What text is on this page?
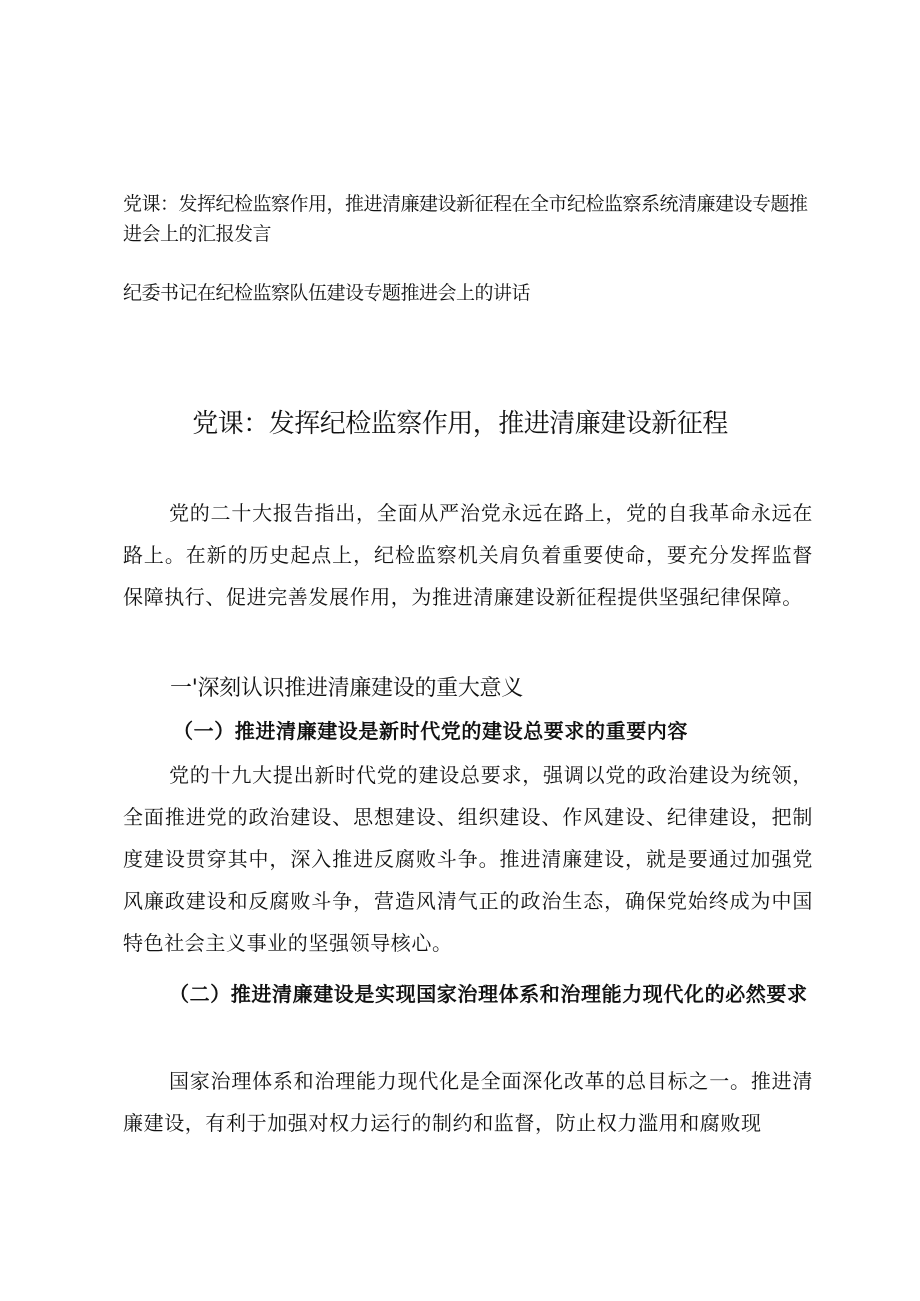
党课：发挥纪检监察作用，推进清廉建设新征程在全市纪检监察系统清廉建设专题推进会上的汇报发言
纪委书记在纪检监察队伍建设专题推进会上的讲话
党课：发挥纪检监察作用，推进清廉建设新征程

党的二十大报告指出，全面从严治党永远在路上，党的自我革命永远在路上。在新的历史起点上，纪检监察机关肩负着重要使命，要充分发挥监督保障执行、促进完善发展作用，为推进清廉建设新征程提供坚强纪律保障。

一'深刻认识推进清廉建设的重大意义
（一）推进清廉建设是新时代党的建设总要求的重要内容

党的十九大提出新时代党的建设总要求，强调以党的政治建设为统领，全面推进党的政治建设、思想建设、组织建设、作风建设、纪律建设，把制度建设贯穿其中，深入推进反腐败斗争。推进清廉建设，就是要通过加强党风廉政建设和反腐败斗争，营造风清气正的政治生态，确保党始终成为中国特色社会主义事业的坚强领导核心。

（二）推进清廉建设是实现国家治理体系和治理能力现代化的必然要求

国家治理体系和治理能力现代化是全面深化改革的总目标之一。推进清廉建设，有利于加强对权力运行的制约和监督，防止权力滥用和腐败现
